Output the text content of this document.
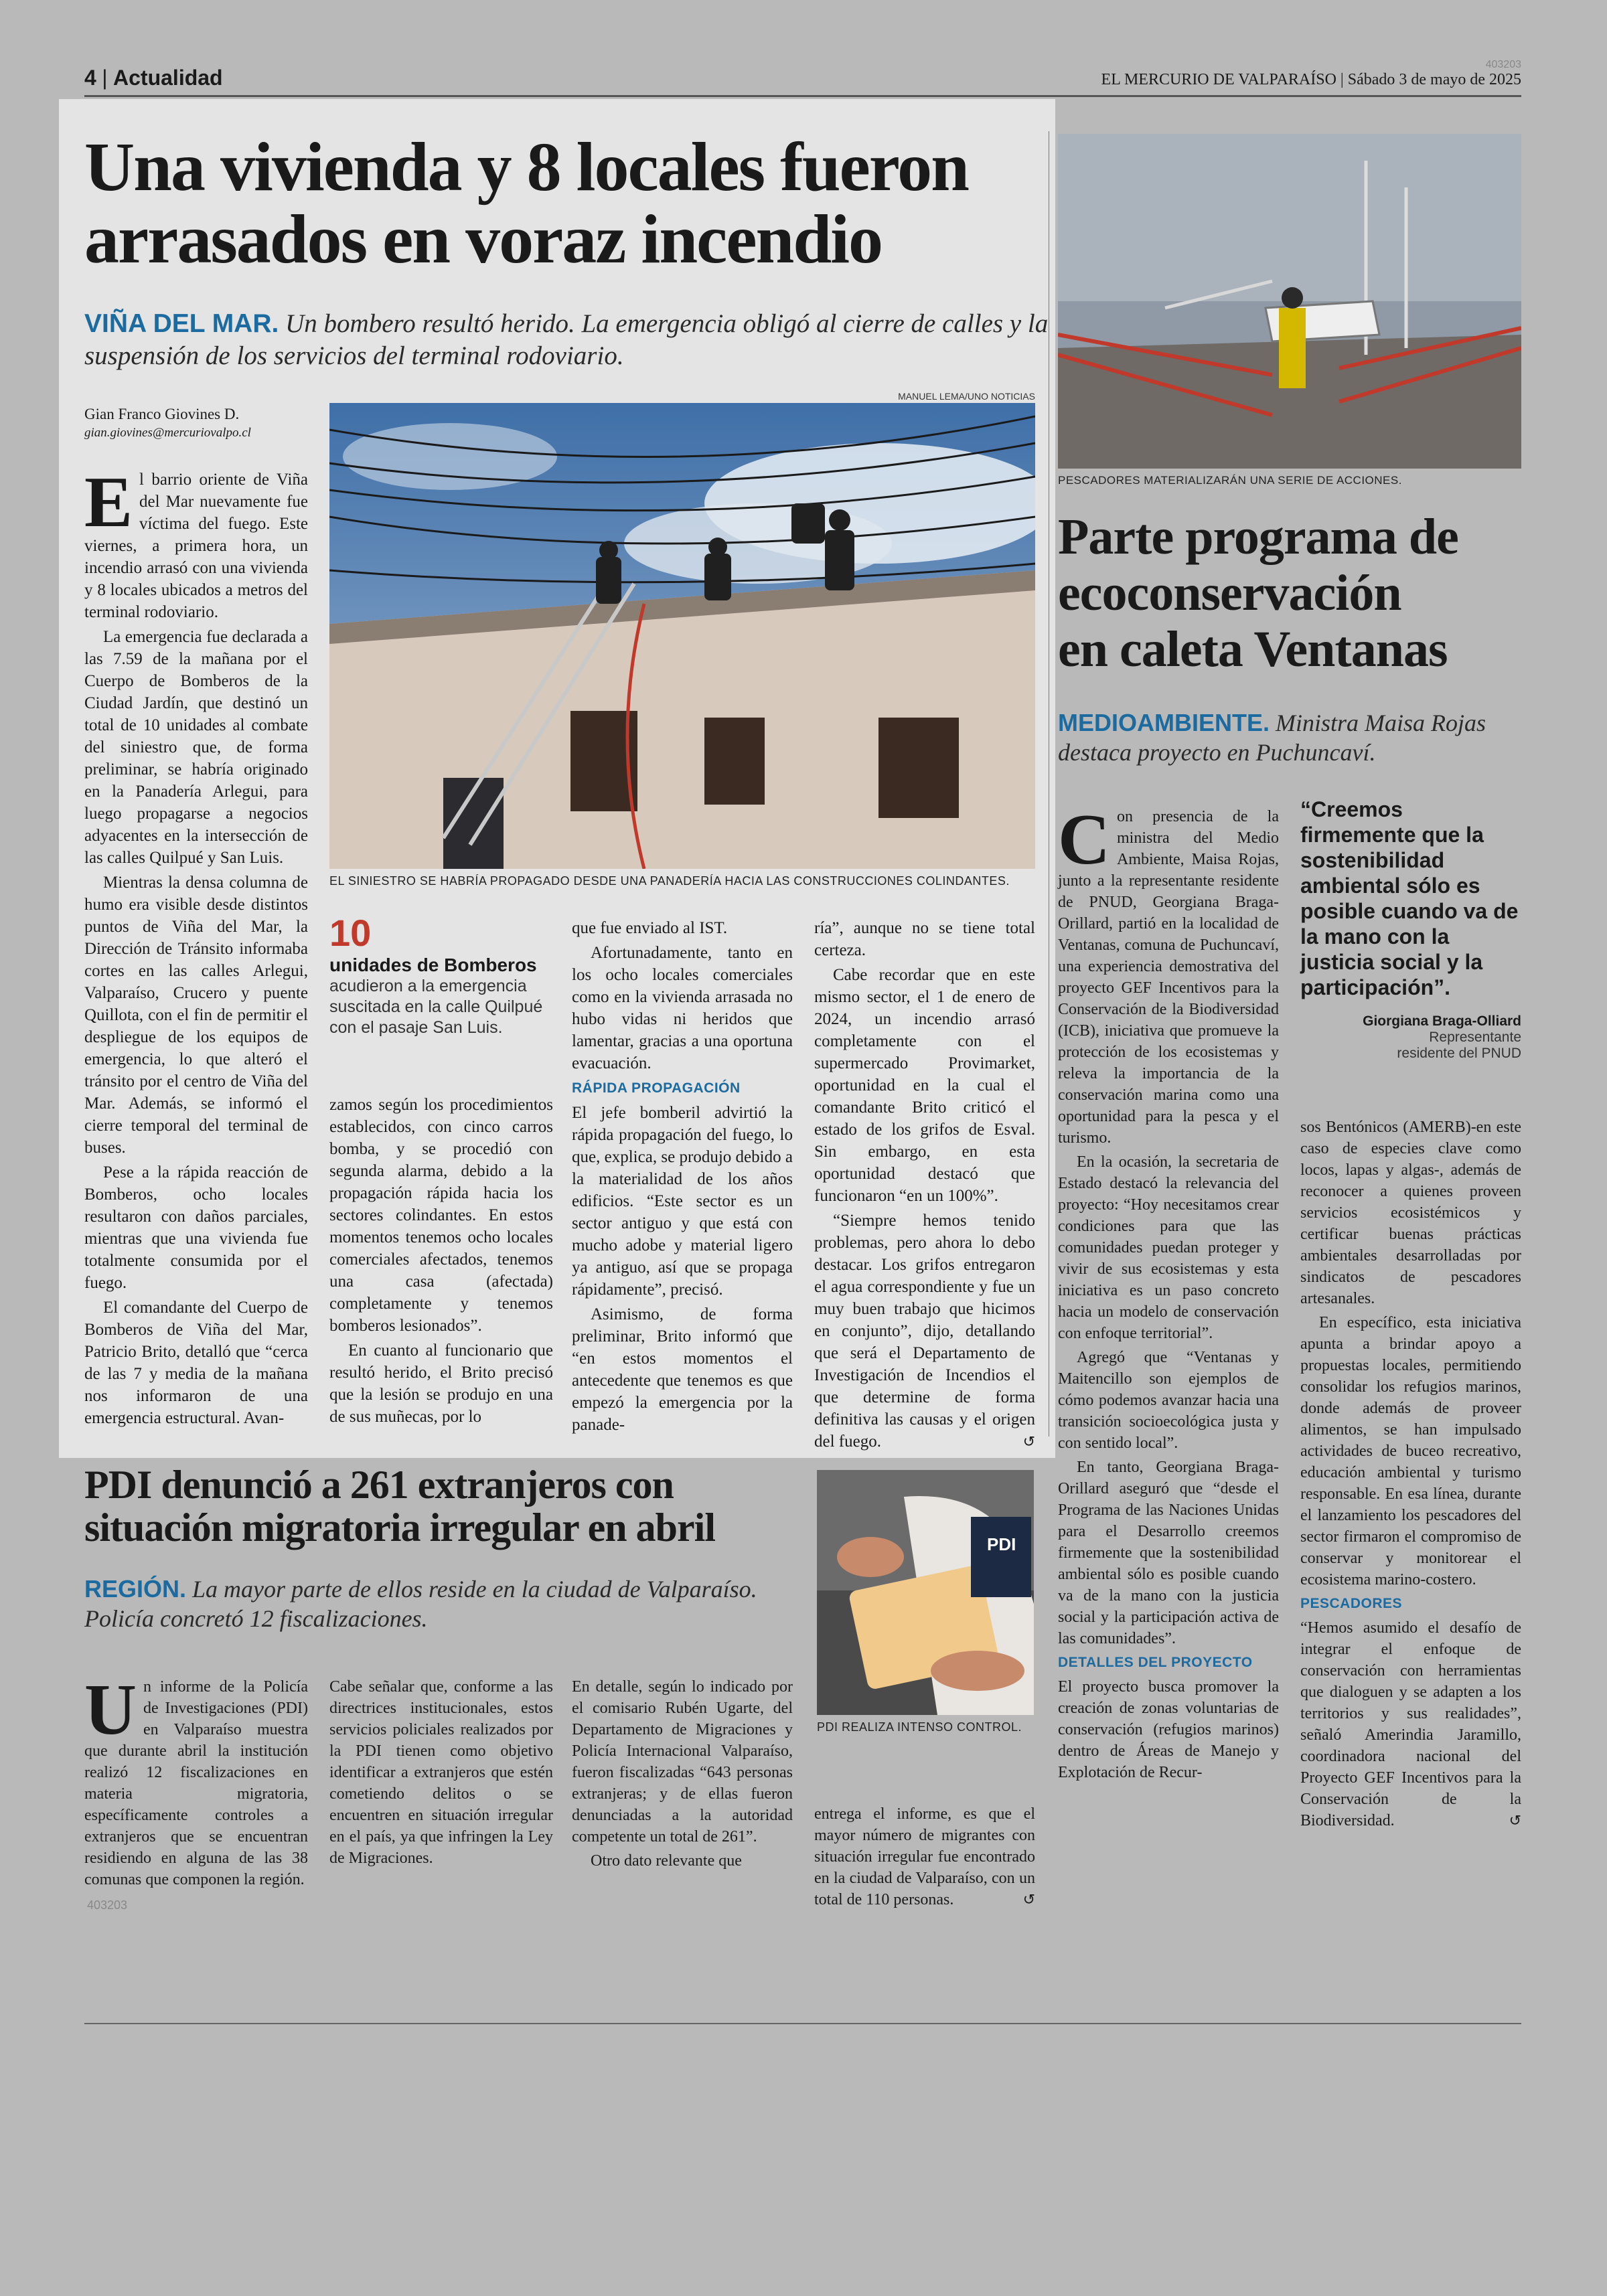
4 | Actualidad	EL MERCURIO DE VALPARAÍSO | Sábado 3 de mayo de 2025
403203
Una vivienda y 8 locales fueron
arrasados en voraz incendio

VIÑA DEL MAR. Un bombero resultó herido. La emergencia obligó al cierre de calles y la suspensión de los servicios del terminal rodoviario.

Gian Franco Giovines D.
gian.giovines@mercuriovalpo.cl
MANUEL LEMA/UNO NOTICIAS
EL SINIESTRO SE HABRÍA PROPAGADO DESDE UNA PANADERÍA HACIA LAS CONSTRUCCIONES COLINDANTES.

El barrio oriente de Viña del Mar nuevamente fue víctima del fuego. Este viernes, a primera hora, un incendio arrasó con una vivienda y 8 locales ubicados a metros del terminal rodoviario.

La emergencia fue declarada a las 7.59 de la mañana por el Cuerpo de Bomberos de la Ciudad Jardín, que destinó un total de 10 unidades al combate del siniestro que, de forma preliminar, se habría originado en la Panadería Arlegui, para luego propagarse a negocios adyacentes en la intersección de las calles Quilpué y San Luis.

Mientras la densa columna de humo era visible desde distintos puntos de Viña del Mar, la Dirección de Tránsito informaba cortes en las calles Arlegui, Valparaíso, Crucero y puente Quillota, con el fin de permitir el despliegue de los equipos de emergencia, lo que alteró el tránsito por el centro de Viña del Mar. Además, se informó el cierre temporal del terminal de buses.

Pese a la rápida reacción de Bomberos, ocho locales resultaron con daños parciales, mientras que una vivienda fue totalmente consumida por el fuego.

El comandante del Cuerpo de Bomberos de Viña del Mar, Patricio Brito, detalló que “cerca de las 7 y media de la mañana nos informaron de una emergencia estructural. Avan-

10
unidades de Bomberos
acudieron a la emergencia suscitada en la calle Quilpué con el pasaje San Luis.

zamos según los procedimientos establecidos, con cinco carros bomba, y se procedió con segunda alarma, debido a la propagación rápida hacia los sectores colindantes. En estos momentos tenemos ocho locales comerciales afectados, tenemos una casa (afectada) completamente y tenemos bomberos lesionados”.

En cuanto al funcionario que resultó herido, el Brito precisó que la lesión se produjo en una de sus muñecas, por lo

que fue enviado al IST.

Afortunadamente, tanto en los ocho locales comerciales como en la vivienda arrasada no hubo vidas ni heridos que lamentar, gracias a una oportuna evacuación.

RÁPIDA PROPAGACIÓN

El jefe bomberil advirtió la rápida propagación del fuego, lo que, explica, se produjo debido a la materialidad de los años edificios. “Este sector es un sector antiguo y que está con mucho adobe y material ligero ya antiguo, así que se propaga rápidamente”, precisó.

Asimismo, de forma preliminar, Brito informó que “en estos momentos el antecedente que tenemos es que empezó la emergencia por la panade-

ría”, aunque no se tiene total certeza.

Cabe recordar que en este mismo sector, el 1 de enero de 2024, un incendio arrasó completamente con el supermercado Provimarket, oportunidad en la cual el comandante Brito criticó el estado de los grifos de Esval. Sin embargo, en esta oportunidad destacó que funcionaron “en un 100%”.

“Siempre hemos tenido problemas, pero ahora lo debo destacar. Los grifos entregaron el agua correspondiente y fue un muy buen trabajo que hicimos en conjunto”, dijo, detallando que será el Departamento de Investigación de Incendios el que determine de forma definitiva las causas y el origen del fuego.	↺

PESCADORES MATERIALIZARÁN UNA SERIE DE ACCIONES.
Parte programa de
ecoconservación
en caleta Ventanas

MEDIOAMBIENTE. Ministra Maisa Rojas destaca proyecto en Puchuncaví.

Con presencia de la ministra del Medio Ambiente, Maisa Rojas, junto a la representante residente de PNUD, Georgiana Braga-Orillard, partió en la localidad de Ventanas, comuna de Puchuncaví, una experiencia demostrativa del proyecto GEF Incentivos para la Conservación de la Biodiversidad (ICB), iniciativa que promueve la protección de los ecosistemas y releva la importancia de la conservación marina como una oportunidad para la pesca y el turismo.

En la ocasión, la secretaria de Estado destacó la relevancia del proyecto: “Hoy necesitamos crear condiciones para que las comunidades puedan proteger y vivir de sus ecosistemas y esta iniciativa es un paso concreto hacia un modelo de conservación con enfoque territorial”.

Agregó que “Ventanas y Maitencillo son ejemplos de cómo podemos avanzar hacia una transición socioecológica justa y con sentido local”.

En tanto, Georgiana Braga-Orillard aseguró que “desde el Programa de las Naciones Unidas para el Desarrollo creemos firmemente que la sostenibilidad ambiental sólo es posible cuando va de la mano con la justicia social y la participación activa de las comunidades”.

DETALLES DEL PROYECTO

El proyecto busca promover la creación de zonas voluntarias de conservación (refugios marinos) dentro de Áreas de Manejo y Explotación de Recur-

“Creemos firmemente que la sostenibilidad ambiental sólo es posible cuando va de la mano con la justicia social y la participación”.
Giorgiana Braga-Olliard
Representante
residente del PNUD

sos Bentónicos (AMERB)-en este caso de especies clave como locos, lapas y algas-, además de reconocer a quienes proveen servicios ecosistémicos y certificar buenas prácticas ambientales desarrolladas por sindicatos de pescadores artesanales.

En específico, esta iniciativa apunta a brindar apoyo a propuestas locales, permitiendo consolidar los refugios marinos, donde además de proveer alimentos, se han impulsado actividades de buceo recreativo, educación ambiental y turismo responsable. En esa línea, durante el lanzamiento los pescadores del sector firmaron el compromiso de conservar y monitorear el ecosistema marino-costero.

PESCADORES

“Hemos asumido el desafío de integrar el enfoque de conservación con herramientas que dialoguen y se adapten a los territorios y sus realidades”, señaló Amerindia Jaramillo, coordinadora nacional del Proyecto GEF Incentivos para la Conservación de la Biodiversidad.	↺

PDI denunció a 261 extranjeros con
situación migratoria irregular en abril

REGIÓN. La mayor parte de ellos reside en la ciudad de Valparaíso. Policía concretó 12 fiscalizaciones.

PDI
PDI REALIZA INTENSO CONTROL.

Un informe de la Policía de Investigaciones (PDI) en Valparaíso muestra que durante abril la institución realizó 12 fiscalizaciones en materia migratoria, específicamente controles a extranjeros que se encuentran residiendo en alguna de las 38 comunas que componen la región.

403203

Cabe señalar que, conforme a las directrices institucionales, estos servicios policiales realizados por la PDI tienen como objetivo identificar a extranjeros que estén cometiendo delitos o se encuentren en situación irregular en el país, ya que infringen la Ley de Migraciones.

En detalle, según lo indicado por el comisario Rubén Ugarte, del Departamento de Migraciones y Policía Internacional Valparaíso, fueron fiscalizadas “643 personas extranjeras; y de ellas fueron denunciadas a la autoridad competente un total de 261”.

Otro dato relevante que

entrega el informe, es que el mayor número de migrantes con situación irregular fue encontrado en la ciudad de Valparaíso, con un total de 110 personas.	↺
